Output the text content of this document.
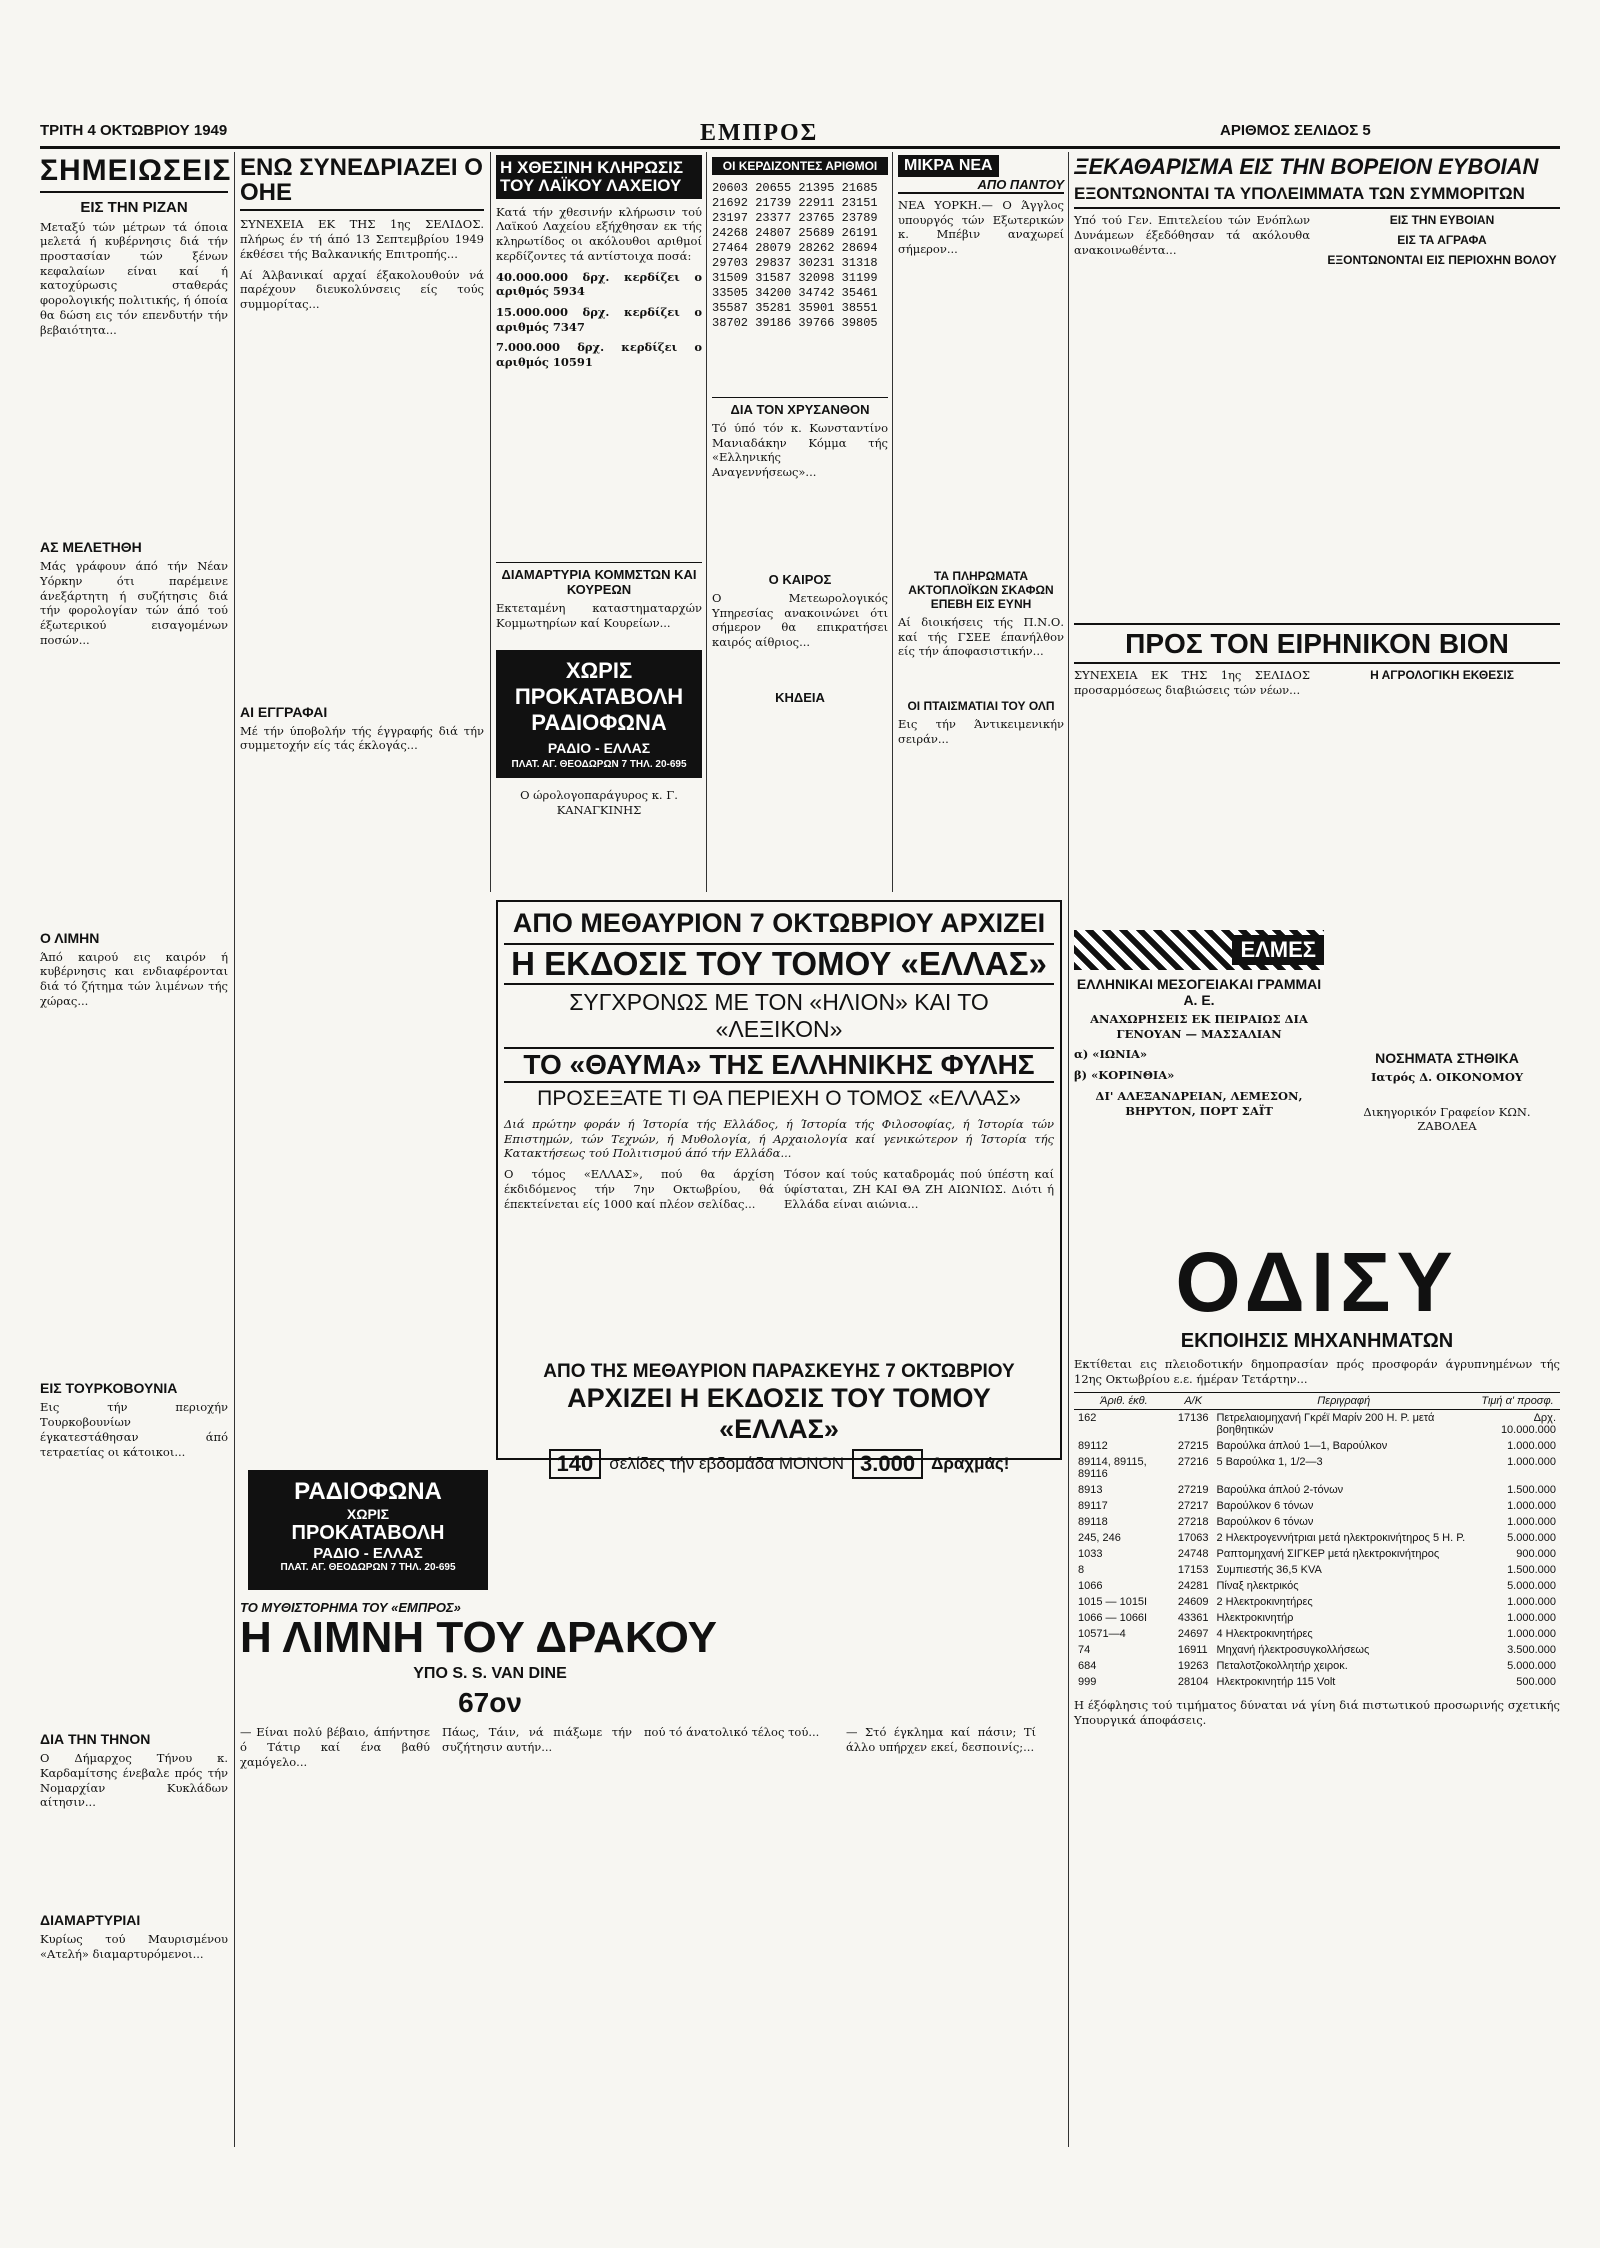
ΤΡΙΤΗ 4 ΟΚΤΩΒΡΙΟΥ 1949	ΕΜΠΡΟΣ	ΑΡΙΘΜΟΣ ΣΕΛΙΔΟΣ 5
ΣΗΜΕΙΩΣΕΙΣ
ΕΙΣ ΤΗΝ ΡΙΖΑΝ

Μεταξύ τών μέτρων τά όποια μελετά ή κυβέρνησις διά τήν προστασίαν τών ξένων κεφαλαίων είναι καί ή κατοχύρωσις σταθεράς φορολογικής πολιτικής, ή όποία θα δώση εις τόν επενδυτήν τήν βεβαιότητα...

ΑΣ ΜΕΛΕΤΗΘΗ

Μάς γράφουν άπό τήν Νέαν Υόρκην ότι παρέμεινε άνεξάρτητη ή συζήτησις διά τήν φορολογίαν τών άπό τού έξωτερικού εισαγομένων ποσών...

Ο ΛΙΜΗΝ

Άπό καιρού εις καιρόν ή κυβέρνησις και ενδιαφέρονται διά τό ζήτημα τών λιμένων τής χώρας...

ΕΙΣ ΤΟΥΡΚΟΒΟΥΝΙΑ

Εις τήν περιοχήν Τουρκοβουνίων έγκατεστάθησαν άπό τετραετίας οι κάτοικοι...

ΔΙΑ ΤΗΝ ΤΗΝΟΝ

Ο Δήμαρχος Τήνου κ. Καρδαμίτσης ένεβαλε πρός τήν Νομαρχίαν Κυκλάδων αίτησιν...

ΔΙΑΜΑΡΤΥΡΙΑΙ

Κυρίως τού Μαυρισμένου «Ατελή» διαμαρτυρόμενοι...

ΕΝΩ ΣΥΝΕΔΡΙΑΖΕΙ Ο ΟΗΕ

ΣΥΝΕΧΕΙΑ ΕΚ ΤΗΣ 1ης ΣΕΛΙΔΟΣ. πλήρως έν τή άπό 13 Σεπτεμβρίου 1949 έκθέσει τής Βαλκανικής Επιτροπής...

Αί Άλβανικαί αρχαί έξακολουθούν νά παρέχουν διευκολύνσεις είς τούς συμμορίτας...

ΑΙ ΕΓΓΡΑΦΑΙ

Μέ τήν ύποβολήν τής έγγραφής διά τήν συμμετοχήν είς τάς έκλογάς...

Η ΧΘΕΣΙΝΗ ΚΛΗΡΩΣΙΣ ΤΟΥ ΛΑΪΚΟΥ ΛΑΧΕΙΟΥ

Κατά τήν χθεσινήν κλήρωσιν τού Λαϊκού Λαχείου εξήχθησαν εκ τής κληρωτίδος οι ακόλουθοι αριθμοί κερδίζοντες τά αντίστοιχα ποσά:

40.000.000 δρχ. κερδίζει ο αριθμός 5934

15.000.000 δρχ. κερδίζει ο αριθμός 7347

7.000.000 δρχ. κερδίζει ο αριθμός 10591

ΔΙΑΜΑΡΤΥΡΙΑ ΚΟΜΜΣΤΩΝ ΚΑΙ ΚΟΥΡΕΩΝ

Εκτεταμένη καταστηματαρχών Κομμωτηρίων καί Κουρείων...

ΧΩΡΙΣ ΠΡΟΚΑΤΑΒΟΛΗ ΡΑΔΙΟΦΩΝΑ
ΡΑΔΙΟ - ΕΛΛΑΣ
ΠΛΑΤ. ΑΓ. ΘΕΟΔΩΡΩΝ 7 ΤΗΛ. 20-695

Ο ώρολογοπαράγυρος κ. Γ. ΚΑΝΑΓΚΙΝΗΣ

ΟΙ ΚΕΡΔΙΖΟΝΤΕΣ ΑΡΙΘΜΟΙ
20603 20655 21395 21685
21692 21739 22911 23151
23197 23377 23765 23789
24268 24807 25689 26191
27464 28079 28262 28694
29703 29837 30231 31318
31509 31587 32098 31199
33505 34200 34742 35461
35587 35281 35901 38551
38702 39186 39766 39805

ΔΙΑ ΤΟΝ ΧΡΥΣΑΝΘΟΝ

Τό ύπό τόν κ. Κωνσταντίνο Μανιαδάκην Κόμμα τής «Ελληνικής Αναγεννήσεως»...

Ο ΚΑΙΡΟΣ

Ο Μετεωρολογικός Υπηρεσίας ανακοινώνει ότι σήμερον θα επικρατήσει καιρός αίθριος...

ΚΗΔΕΙΑ
ΜΙΚΡΑ ΝΕΑ
ΑΠΟ ΠΑΝΤΟΥ

ΝΕΑ ΥΟΡΚΗ.— Ο Άγγλος υπουργός τών Εξωτερικών κ. Μπέβιν αναχωρεί σήμερον...

ΤΑ ΠΛΗΡΩΜΑΤΑ ΑΚΤΟΠΛΟΪΚΩΝ ΣΚΑΦΩΝ ΕΠΕΒΗ ΕΙΣ ΕΥΝΗ

Αί διοικήσεις τής Π.Ν.Ο. καί τής ΓΣΕΕ έπανήλθον είς τήν άποφασιστικήν...

ΟΙ ΠΤΑΙΣΜΑΤΙΑΙ ΤΟΥ ΟΛΠ

Εις τήν Άντικειμενικήν σειράν...

ΞΕΚΑΘΑΡΙΣΜΑ ΕΙΣ ΤΗΝ ΒΟΡΕΙΟΝ ΕΥΒΟΙΑΝ
ΕΞΟΝΤΩΝΟΝΤΑΙ ΤΑ ΥΠΟΛΕΙΜΜΑΤΑ ΤΩΝ ΣΥΜΜΟΡΙΤΩΝ

Υπό τού Γεν. Επιτελείου τών Ενόπλων Δυνάμεων έξεδόθησαν τά ακόλουθα ανακοινωθέντα...

ΕΙΣ ΤΗΝ ΕΥΒΟΙΑΝ
ΕΙΣ ΤΑ ΑΓΡΑΦΑ
ΕΞΟΝΤΩΝΟΝΤΑΙ ΕΙΣ ΠΕΡΙΟΧΗΝ ΒΟΛΟΥ
ΠΡΟΣ ΤΟΝ ΕΙΡΗΝΙΚΟΝ ΒΙΟΝ

ΣΥΝΕΧΕΙΑ ΕΚ ΤΗΣ 1ης ΣΕΛΙΔΟΣ προσαρμόσεως διαβιώσεις τών νέων...

Η ΑΓΡΟΛΟΓΙΚΗ ΕΚΘΕΣΙΣ
ΕΛΜΕΣ
ΕΛΛΗΝΙΚΑΙ ΜΕΣΟΓΕΙΑΚΑΙ ΓΡΑΜΜΑΙ Α. Ε.

ΑΝΑΧΩΡΗΣΕΙΣ ΕΚ ΠΕΙΡΑΙΩΣ ΔΙΑ ΓΕΝΟΥΑΝ — ΜΑΣΣΑΛΙΑΝ

α) «ΙΩΝΙΑ»

β) «ΚΟΡΙΝΘΙΑ»

ΔΙ' ΑΛΕΞΑΝΔΡΕΙΑΝ, ΛΕΜΕΣΟΝ, ΒΗΡΥΤΟΝ, ΠΟΡΤ ΣΑΪΤ

ΝΟΣΗΜΑΤΑ ΣΤΗΘΙΚΑ

Ιατρός Δ. ΟΙΚΟΝΟΜΟΥ

Δικηγορικόν Γραφείον ΚΩΝ. ΖΑΒΟΛΕΑ

ΟΔΙΣΥ
ΕΚΠΟΙΗΣΙΣ ΜΗΧΑΝΗΜΑΤΩΝ

Εκτίθεται εις πλειοδοτικήν δημοπρασίαν πρός προσφοράν άγρυπνημένων τής 12ης Οκτωβρίου ε.ε. ήμέραν Τετάρτην...

Άριθ. έκθ.	Α/Κ	Περιγραφή	Τιμή α' προσφ.
162	17136	Πετρελαιομηχανή Γκρέϊ Μαρίν 200 Η. Ρ. μετά βοηθητικών	Δρχ. 10.000.000
89112	27215	Βαρούλκα άπλού 1—1, Βαρούλκον	1.000.000
89114, 89115, 89116	27216	5 Βαρούλκα 1, 1/2—3	1.000.000
8913	27219	Βαρούλκα άπλού 2-τόνων	1.500.000
89117	27217	Βαρούλκον 6 τόνων	1.000.000
89118	27218	Βαρούλκον 6 τόνων	1.000.000
245, 246	17063	2 Ηλεκτρογεννήτριαι μετά ηλεκτροκινήτηρος 5 Η. Ρ.	5.000.000
1033	24748	Ραπτομηχανή ΣΙΓΚΕΡ μετά ηλεκτροκινήτηρος	900.000
8	17153	Συμπιεστής 36,5 KVA	1.500.000
1066	24281	Πίναξ ηλεκτρικός	5.000.000
1015 — 1015Ι	24609	2 Ηλεκτροκινητήρες	1.000.000
1066 — 1066Ι	43361	Ηλεκτροκινητήρ	1.000.000
10571—4	24697	4 Ηλεκτροκινητήρες	1.000.000
74	16911	Μηχανή ήλεκτροσυγκολλήσεως	3.500.000
684	19263	Πεταλοτζοκολλητήρ χειροκ.	5.000.000
999	28104	Ηλεκτροκινητήρ 115 Volt	500.000

Η έξόφλησις τού τιμήματος δύναται νά γίνη διά πιστωτικού προσωρινής σχετικής Υπουργικά άποφάσεις.

ΑΠΟ ΜΕΘΑΥΡΙΟΝ 7 ΟΚΤΩΒΡΙΟΥ ΑΡΧΙΖΕΙ

Η ΕΚΔΟΣΙΣ ΤΟΥ ΤΟΜΟΥ «ΕΛΛΑΣ»

ΣΥΓΧΡΟΝΩΣ ΜΕ ΤΟΝ «ΗΛΙΟΝ» ΚΑΙ ΤΟ «ΛΕΞΙΚΟΝ»

ΤΟ «ΘΑΥΜΑ» ΤΗΣ ΕΛΛΗΝΙΚΗΣ ΦΥΛΗΣ

ΠΡΟΣΕΞΑΤΕ ΤΙ ΘΑ ΠΕΡΙΕΧΗ Ο ΤΟΜΟΣ «ΕΛΛΑΣ»

Διά πρώτην φοράν ή Ίστορία τής Ελλάδος, ή Ίστορία τής Φιλοσοφίας, ή Ίστορία τών Επιστημών, τών Τεχνών, ή Μυθολογία, ή Αρχαιολογία καί γενικώτερον ή Ίστορία τής Κατακτήσεως τού Πολιτισμού άπό τήν Ελλάδα...

Ο τόμος «ΕΛΛΑΣ», πού θα άρχίση έκδιδόμενος τήν 7ην Οκτωβρίου, θά έπεκτείνεται είς 1000 καί πλέον σελίδας...

Τόσον καί τούς καταδρομάς πού ύπέστη καί ύφίσταται, ΖΗ ΚΑΙ ΘΑ ΖΗ ΑΙΩΝΙΩΣ. Διότι ή Ελλάδα είναι αιώνια...

ΑΠΟ ΤΗΣ ΜΕΘΑΥΡΙΟΝ ΠΑΡΑΣΚΕΥΗΣ 7 ΟΚΤΩΒΡΙΟΥ

ΑΡΧΙΖΕΙ Η ΕΚΔΟΣΙΣ ΤΟΥ ΤΟΜΟΥ «ΕΛΛΑΣ»

140 σελίδες τήν εβδομάδα ΜΟΝΟΝ 3.000 Δραχμάς!
ΡΑΔΙΟΦΩΝΑ
ΧΩΡΙΣ
ΠΡΟΚΑΤΑΒΟΛΗ
ΡΑΔΙΟ - ΕΛΛΑΣ
ΠΛΑΤ. ΑΓ. ΘΕΟΔΩΡΩΝ 7 ΤΗΛ. 20-695
ΤΟ ΜΥΘΙΣΤΟΡΗΜΑ ΤΟΥ «ΕΜΠΡΟΣ»
Η ΛΙΜΝΗ ΤΟΥ ΔΡΑΚΟΥ
ΥΠΟ S. S. VAN DINE
67ον

— Είναι πολύ βέβαιο, άπήντησε ό Τάτιρ καί ένα βαθύ χαμόγελο...

Πάως, Τάιν, νά πιάξωμε τήν συζήτησιν αυτήν...

πού τό άνατολικό τέλος τού...	— Στό έγκλημα καί πάσιν; Τί άλλο υπήρχεν εκεί, δεσποινίς;...
